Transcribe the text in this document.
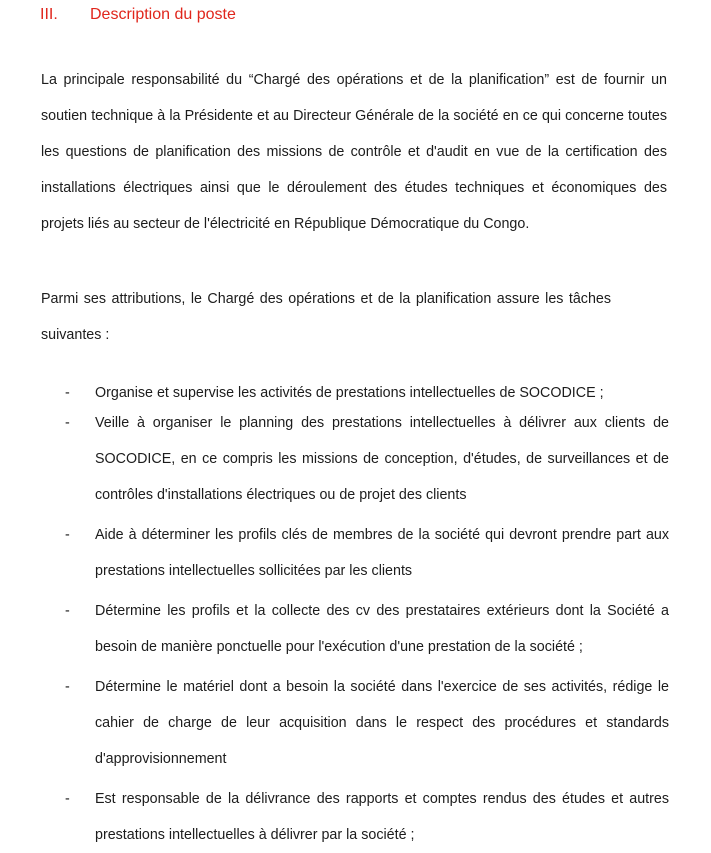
III. Description du poste

La principale responsabilité du “Chargé des opérations et de la planification” est de fournir un soutien technique à la Présidente et au Directeur Générale de la société en ce qui concerne toutes les questions de planification des missions de contrôle et d'audit en vue de la certification des installations électriques ainsi que le déroulement des études techniques et économiques des projets liés au secteur de l'électricité en République Démocratique du Congo.

Parmi ses attributions, le Chargé des opérations et de la planification assure les tâches suivantes :

-	Organise et supervise les activités de prestations intellectuelles de SOCODICE ;
-	Veille à organiser le planning des prestations intellectuelles à délivrer aux clients de SOCODICE, en ce compris les missions de conception, d'études, de surveillances et de contrôles d'installations électriques ou de projet des clients
-	Aide à déterminer les profils clés de membres de la société qui devront prendre part aux prestations intellectuelles sollicitées par les clients
-	Détermine les profils et la collecte des cv des prestataires extérieurs dont la Société a besoin de manière ponctuelle pour l'exécution d'une prestation de la société ;
-	Détermine le matériel dont a besoin la société dans l'exercice de ses activités, rédige le cahier de charge de leur acquisition dans le respect des procédures et standards d'approvisionnement
-	Est responsable de la délivrance des rapports et comptes rendus des études et autres prestations intellectuelles à délivrer par la société ;
